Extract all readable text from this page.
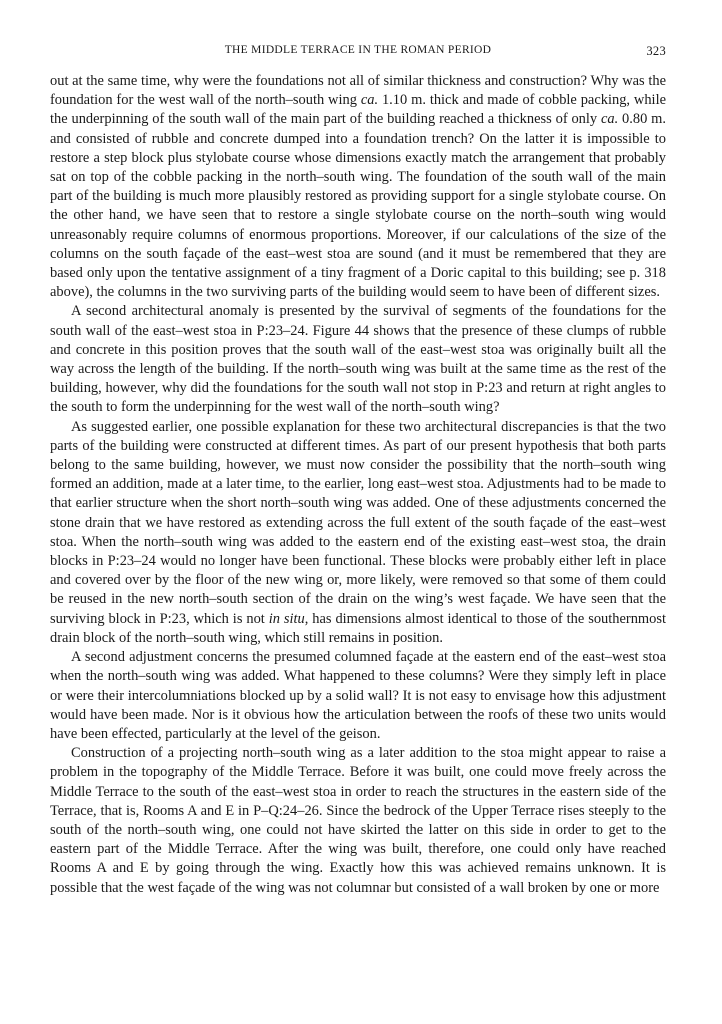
THE MIDDLE TERRACE IN THE ROMAN PERIOD	323

out at the same time, why were the foundations not all of similar thickness and construction? Why was the foundation for the west wall of the north–south wing ca. 1.10 m. thick and made of cobble packing, while the underpinning of the south wall of the main part of the building reached a thickness of only ca. 0.80 m. and consisted of rubble and concrete dumped into a foundation trench? On the latter it is impossible to restore a step block plus stylobate course whose dimensions exactly match the arrangement that probably sat on top of the cobble packing in the north–south wing. The foundation of the south wall of the main part of the building is much more plausibly restored as providing support for a single stylobate course. On the other hand, we have seen that to restore a single stylobate course on the north–south wing would unreasonably require columns of enormous proportions. Moreover, if our calculations of the size of the columns on the south façade of the east–west stoa are sound (and it must be remembered that they are based only upon the tentative assignment of a tiny fragment of a Doric capital to this building; see p. 318 above), the columns in the two surviving parts of the building would seem to have been of different sizes.

A second architectural anomaly is presented by the survival of segments of the foundations for the south wall of the east–west stoa in P:23–24. Figure 44 shows that the presence of these clumps of rubble and concrete in this position proves that the south wall of the east–west stoa was originally built all the way across the length of the building. If the north–south wing was built at the same time as the rest of the building, however, why did the foundations for the south wall not stop in P:23 and return at right angles to the south to form the underpinning for the west wall of the north–south wing?

As suggested earlier, one possible explanation for these two architectural discrepancies is that the two parts of the building were constructed at different times. As part of our present hypothesis that both parts belong to the same building, however, we must now consider the possibility that the north–south wing formed an addition, made at a later time, to the earlier, long east–west stoa. Adjustments had to be made to that earlier structure when the short north–south wing was added. One of these adjustments concerned the stone drain that we have restored as extending across the full extent of the south façade of the east–west stoa. When the north–south wing was added to the eastern end of the existing east–west stoa, the drain blocks in P:23–24 would no longer have been functional. These blocks were probably either left in place and covered over by the floor of the new wing or, more likely, were removed so that some of them could be reused in the new north–south section of the drain on the wing’s west façade. We have seen that the surviving block in P:23, which is not in situ, has dimensions almost identical to those of the southernmost drain block of the north–south wing, which still remains in position.

A second adjustment concerns the presumed columned façade at the eastern end of the east–west stoa when the north–south wing was added. What happened to these columns? Were they simply left in place or were their intercolumniations blocked up by a solid wall? It is not easy to envisage how this adjustment would have been made. Nor is it obvious how the articulation between the roofs of these two units would have been effected, particularly at the level of the geison.

Construction of a projecting north–south wing as a later addition to the stoa might appear to raise a problem in the topography of the Middle Terrace. Before it was built, one could move freely across the Middle Terrace to the south of the east–west stoa in order to reach the structures in the eastern side of the Terrace, that is, Rooms A and E in P–Q:24–26. Since the bedrock of the Upper Terrace rises steeply to the south of the north–south wing, one could not have skirted the latter on this side in order to get to the eastern part of the Middle Terrace. After the wing was built, therefore, one could only have reached Rooms A and E by going through the wing. Exactly how this was achieved remains unknown. It is possible that the west façade of the wing was not columnar but consisted of a wall broken by one or more
